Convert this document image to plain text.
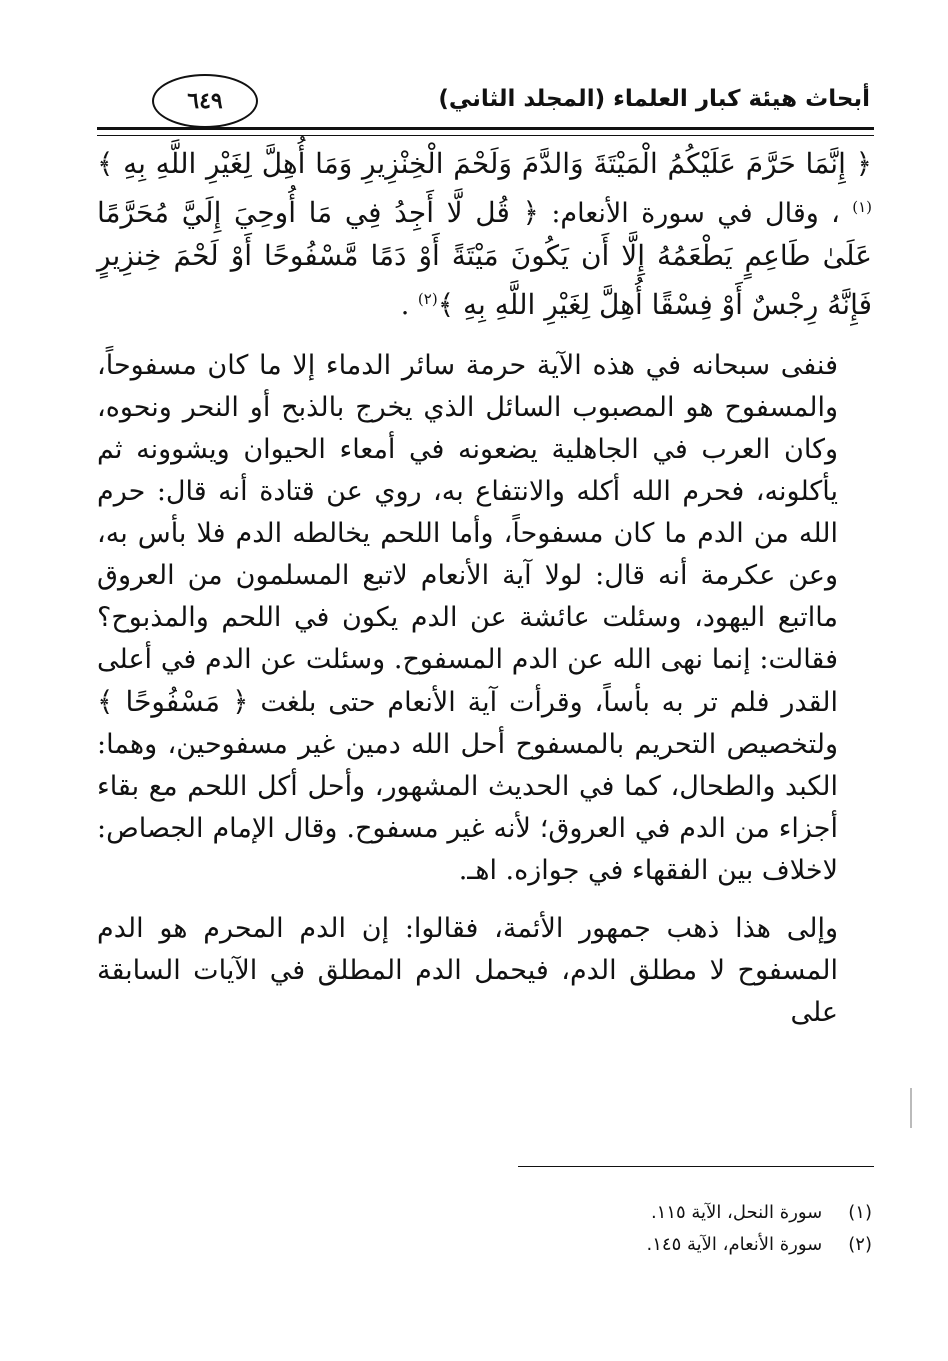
أبحاث هيئة كبار العلماء (المجلد الثاني)
٦٤٩

﴿ إِنَّمَا حَرَّمَ عَلَيْكُمُ الْمَيْتَةَ وَالدَّمَ وَلَحْمَ الْخِنْزِيرِ وَمَا أُهِلَّ لِغَيْرِ اللَّهِ بِهِ ﴾$^{(١)}$ ، وقال في سورة الأنعام: ﴿ قُل لَّا أَجِدُ فِي مَا أُوحِيَ إِلَيَّ مُحَرَّمًا عَلَىٰ طَاعِمٍ يَطْعَمُهُ إِلَّا أَن يَكُونَ مَيْتَةً أَوْ دَمًا مَّسْفُوحًا أَوْ لَحْمَ خِنزِيرٍ فَإِنَّهُ رِجْسٌ أَوْ فِسْقًا أُهِلَّ لِغَيْرِ اللَّهِ بِهِ ﴾$^{(٢)}$ .

فنفى سبحانه في هذه الآية حرمة سائر الدماء إلا ما كان مسفوحاً، والمسفوح هو المصبوب السائل الذي يخرج بالذبح أو النحر ونحوه، وكان العرب في الجاهلية يضعونه في أمعاء الحيوان ويشوونه ثم يأكلونه، فحرم الله أكله والانتفاع به، روي عن قتادة أنه قال: حرم الله من الدم ما كان مسفوحاً، وأما اللحم يخالطه الدم فلا بأس به، وعن عكرمة أنه قال: لولا آية الأنعام لاتبع المسلمون من العروق مااتبع اليهود، وسئلت عائشة عن الدم يكون في اللحم والمذبوح؟ فقالت: إنما نهى الله عن الدم المسفوح. وسئلت عن الدم في أعلى القدر فلم تر به بأساً، وقرأت آية الأنعام حتى بلغت ﴿ مَسْفُوحًا ﴾ ولتخصيص التحريم بالمسفوح أحل الله دمين غير مسفوحين، وهما: الكبد والطحال، كما في الحديث المشهور، وأحل أكل اللحم مع بقاء أجزاء من الدم في العروق؛ لأنه غير مسفوح. وقال الإمام الجصاص: لاخلاف بين الفقهاء في جوازه. اهـ.

وإلى هذا ذهب جمهور الأئمة، فقالوا: إن الدم المحرم هو الدم المسفوح لا مطلق الدم، فيحمل الدم المطلق في الآيات السابقة على

(١) سورة النحل، الآية ١١٥.
(٢) سورة الأنعام، الآية ١٤٥.
